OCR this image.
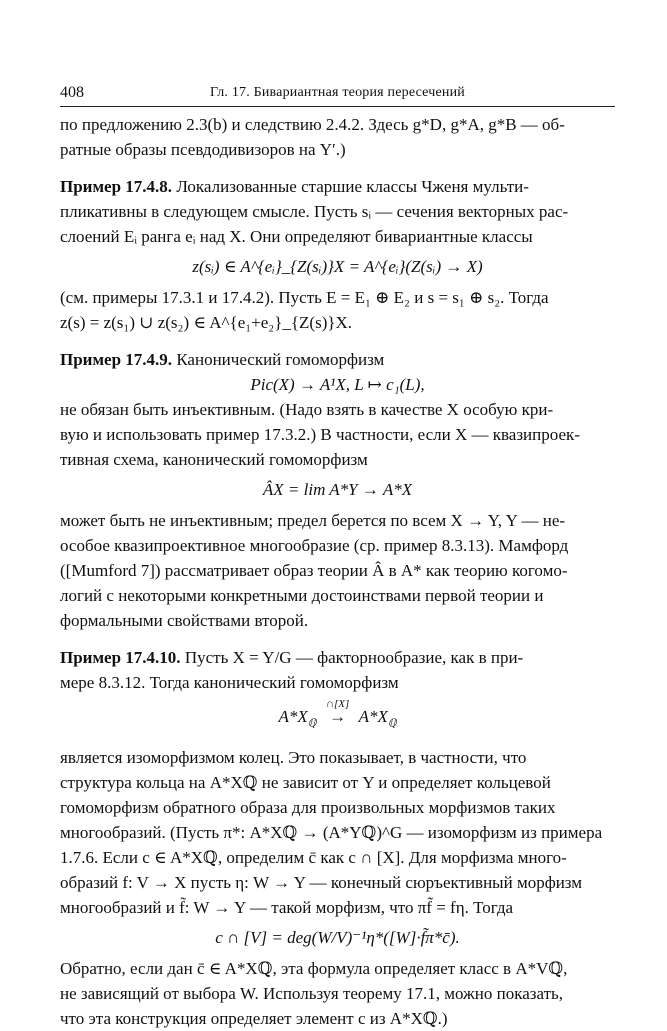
408	Гл. 17. Бивариантная теория пересечений

по предложению 2.3(b) и следствию 2.4.2. Здесь g*D, g*A, g*B — об-

ратные образы псевдодивизоров на Y′.)

Пример 17.4.8. Локализованные старшие классы Чженя мульти-

пликативны в следующем смысле. Пусть sᵢ — сечения векторных рас-

слоений Eᵢ ранга eᵢ над X. Они определяют бивариантные классы

z(sᵢ) ∈ A^{eᵢ}_{Z(sᵢ)}X = A^{eᵢ}(Z(sᵢ) → X)

(см. примеры 17.3.1 и 17.4.2). Пусть E = E₁ ⊕ E₂ и s = s₁ ⊕ s₂. Тогда

z(s) = z(s₁) ∪ z(s₂) ∈ A^{e₁+e₂}_{Z(s)}X.

Пример 17.4.9. Канонический гомоморфизм

Pic(X) → A¹X, L ↦ c₁(L),

не обязан быть инъективным. (Надо взять в качестве X особую кри-

вую и использовать пример 17.3.2.) В частности, если X — квазипроек-

тивная схема, канонический гомоморфизм

ÂX = lim A*Y → A*X

может быть не инъективным; предел берется по всем X → Y, Y — не-

особое квазипроективное многообразие (ср. пример 8.3.13). Мамфорд

([Mumford 7]) рассматривает образ теории Â в A* как теорию когомо-

логий с некоторыми конкретными достоинствами первой теории и

формальными свойствами второй.

Пример 17.4.10. Пусть X = Y/G — факторнообразие, как в при-

мере 8.3.12. Тогда канонический гомоморфизм

$A*X_ℚ$
∩[X]
→ $A*X_ℚ$

является изоморфизмом колец. Это показывает, в частности, что

структура кольца на A*Xℚ не зависит от Y и определяет кольцевой

гомоморфизм обратного образа для произвольных морфизмов таких

многообразий. (Пусть π*: A*Xℚ → (A*Yℚ)^G — изоморфизм из примера

1.7.6. Если c ∈ A*Xℚ, определим c̄ как c ∩ [X]. Для морфизма много-

образий f: V → X пусть η: W → Y — конечный сюръективный морфизм

многообразий и f̃: W → Y — такой морфизм, что πf̃ = fη. Тогда

c ∩ [V] = deg(W/V)⁻¹η*([W]·f̃π*c̄).

Обратно, если дан c̄ ∈ A*Xℚ, эта формула определяет класс в A*Vℚ,

не зависящий от выбора W. Используя теорему 17.1, можно показать,

что эта конструкция определяет элемент c из A*Xℚ.)
